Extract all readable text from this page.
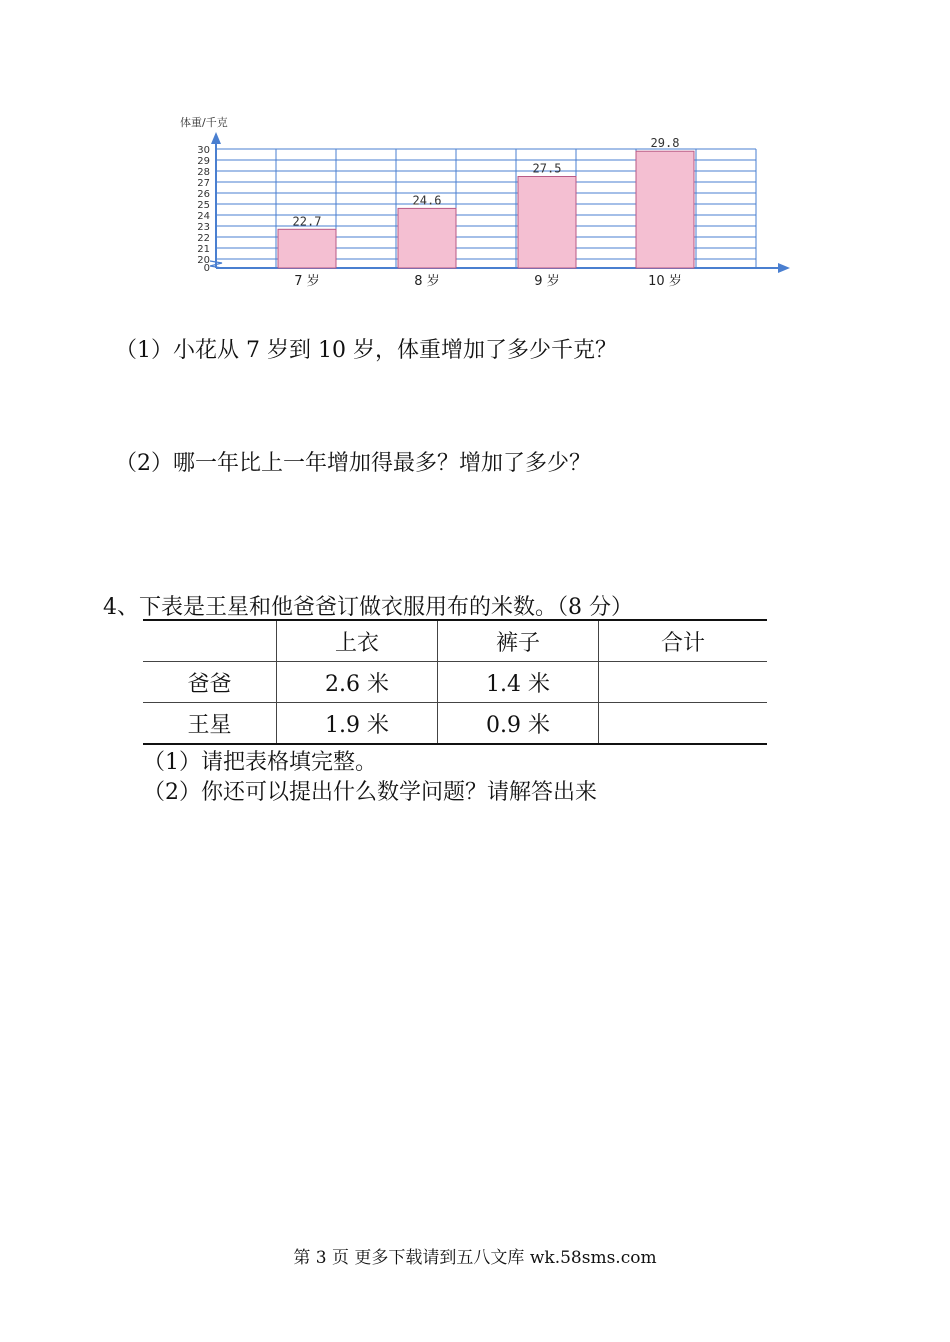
体重/千克
0
20
21
22
23
24
25
26
27
28
29
30
22.7
7 岁
24.6
8 岁
27.5
9 岁
29.8
10 岁
（1）小花从 7 岁到 10 岁，体重增加了多少千克？
（2）哪一年比上一年增加得最多？增加了多少？
4、下表是王星和他爸爸订做衣服用布的米数。（8 分）
	上衣	裤子	合计
爸爸	2.6 米	1.4 米	
王星	1.9 米	0.9 米	
（1）请把表格填完整。
（2）你还可以提出什么数学问题？请解答出来
第 3 页 更多下载请到五八文库 wk.58sms.com
